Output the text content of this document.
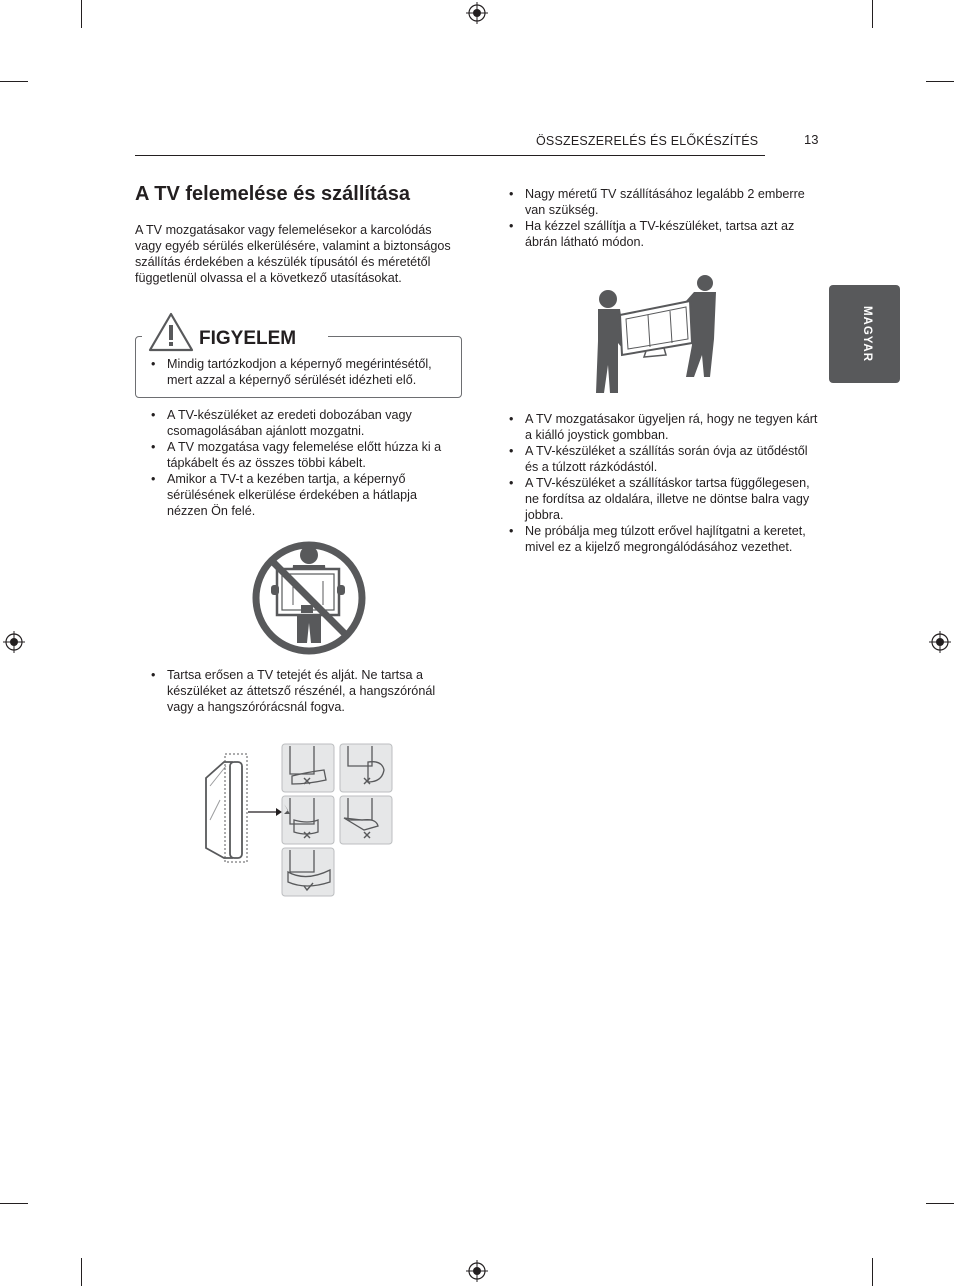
ÖSSZESZERELÉS ÉS ELŐKÉSZÍTÉS	13
MAGYAR
A TV felemelése és szállítása

A TV mozgatásakor vagy felemelésekor a karcolódás vagy egyéb sérülés elkerülésére, valamint a biztonságos szállítás érdekében a készülék típusától és méretétől függetlenül olvassa el a következő utasításokat.

FIGYELEM
• Mindig tartózkodjon a képernyő megérintésétől, mert azzal a képernyő sérülését idézheti elő.
• A TV-készüléket az eredeti dobozában vagy csomagolásában ajánlott mozgatni.
• A TV mozgatása vagy felemelése előtt húzza ki a tápkábelt és az összes többi kábelt.
• Amikor a TV-t a kezében tartja, a képernyő sérülésének elkerülése érdekében a hátlapja nézzen Ön felé.
• Tartsa erősen a TV tetejét és alját. Ne tartsa a készüléket az áttetsző részénél, a hangszórónál vagy a hangszórórácsnál fogva.
• Nagy méretű TV szállításához legalább 2 emberre van szükség.
• Ha kézzel szállítja a TV-készüléket, tartsa azt az ábrán látható módon.
• A TV mozgatásakor ügyeljen rá, hogy ne tegyen kárt a kiálló joystick gombban.
• A TV-készüléket a szállítás során óvja az ütődéstől és a túlzott rázkódástól.
• A TV-készüléket a szállításkor tartsa függőlegesen, ne fordítsa az oldalára, illetve ne döntse balra vagy jobbra.
• Ne próbálja meg túlzott erővel hajlítgatni a keretet, mivel ez a kijelző megrongálódásához vezethet.
